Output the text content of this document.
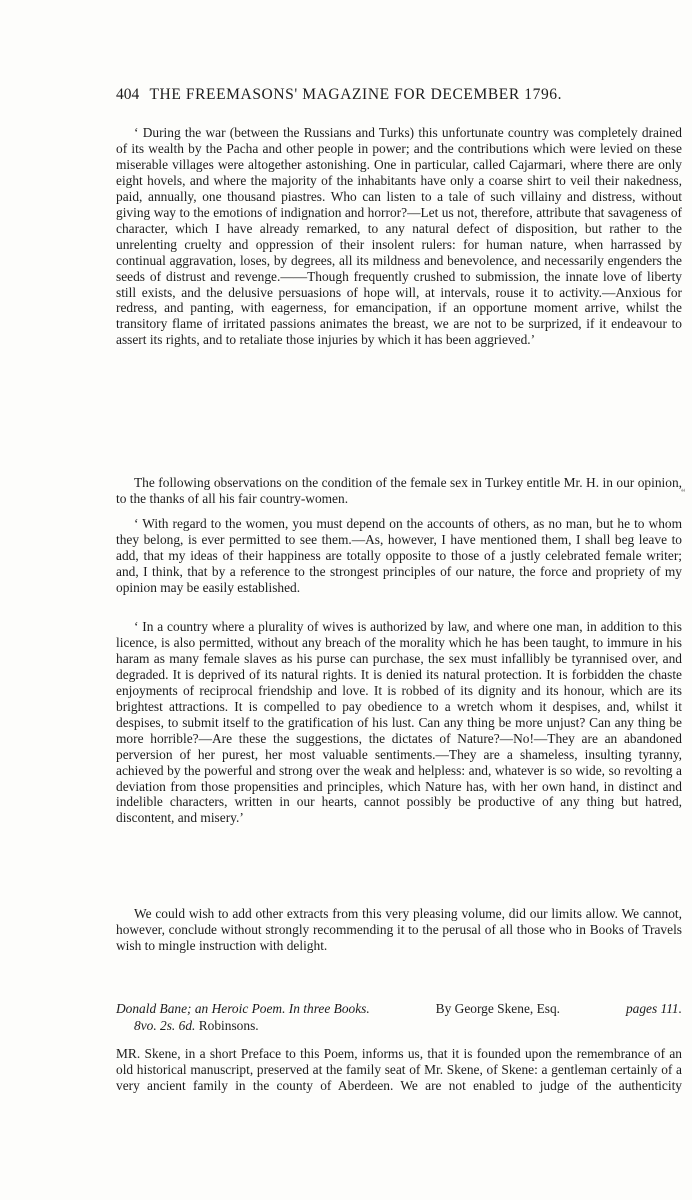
404 THE FREEMASONS' MAGAZINE FOR DECEMBER 1796.

‘ During the war (between the Russians and Turks) this unfortunate country was completely drained of its wealth by the Pacha and other people in power; and the contributions which were levied on these miserable villages were altogether astonishing. One in particular, called Cajarmari, where there are only eight hovels, and where the majority of the inhabitants have only a coarse shirt to veil their nakedness, paid, annually, one thousand piastres. Who can listen to a tale of such villainy and distress, without giving way to the emotions of indignation and horror?—Let us not, therefore, attribute that savageness of character, which I have already remarked, to any natural defect of disposition, but rather to the unrelenting cruelty and oppression of their insolent rulers: for human nature, when harrassed by continual aggravation, loses, by degrees, all its mildness and benevolence, and necessarily engenders the seeds of distrust and revenge.——Though frequently crushed to submission, the innate love of liberty still exists, and the delusive persuasions of hope will, at intervals, rouse it to activity.—Anxious for redress, and panting, with eagerness, for emancipation, if an opportune moment arrive, whilst the transitory flame of irritated passions animates the breast, we are not to be surprized, if it endeavour to assert its rights, and to retaliate those injuries by which it has been aggrieved.’

The following observations on the condition of the female sex in Turkey entitle Mr. H. in our opinion, to the thanks of all his fair country-women.	“

‘ With regard to the women, you must depend on the accounts of others, as no man, but he to whom they belong, is ever permitted to see them.—As, however, I have mentioned them, I shall beg leave to add, that my ideas of their happiness are totally opposite to those of a justly celebrated female writer; and, I think, that by a reference to the strongest principles of our nature, the force and propriety of my opinion may be easily established.

‘ In a country where a plurality of wives is authorized by law, and where one man, in addition to this licence, is also permitted, without any breach of the morality which he has been taught, to immure in his haram as many female slaves as his purse can purchase, the sex must infallibly be tyrannised over, and degraded. It is deprived of its natural rights. It is denied its natural protection. It is forbidden the chaste enjoyments of reciprocal friendship and love. It is robbed of its dignity and its honour, which are its brightest attractions. It is compelled to pay obedience to a wretch whom it despises, and, whilst it despises, to submit itself to the gratification of his lust. Can any thing be more unjust? Can any thing be more horrible?—Are these the suggestions, the dictates of Nature?—No!—They are an abandoned perversion of her purest, her most valuable sentiments.—They are a shameless, insulting tyranny, achieved by the powerful and strong over the weak and helpless: and, whatever is so wide, so revolting a deviation from those propensities and principles, which Nature has, with her own hand, in distinct and indelible characters, written in our hearts, cannot possibly be productive of any thing but hatred, discontent, and misery.’

We could wish to add other extracts from this very pleasing volume, did our limits allow. We cannot, however, conclude without strongly recommending it to the perusal of all those who in Books of Travels wish to mingle instruction with delight.

Donald Bane; an Heroic Poem. In three Books.	By George Skene, Esq.	pages 111.
8vo. 2s. 6d. Robinsons.

MR. Skene, in a short Preface to this Poem, informs us, that it is founded upon the remembrance of an old historical manuscript, preserved at the family seat of Mr. Skene, of Skene: a gentleman certainly of a very ancient family in the county of Aberdeen. We are not enabled to judge of the authenticity
